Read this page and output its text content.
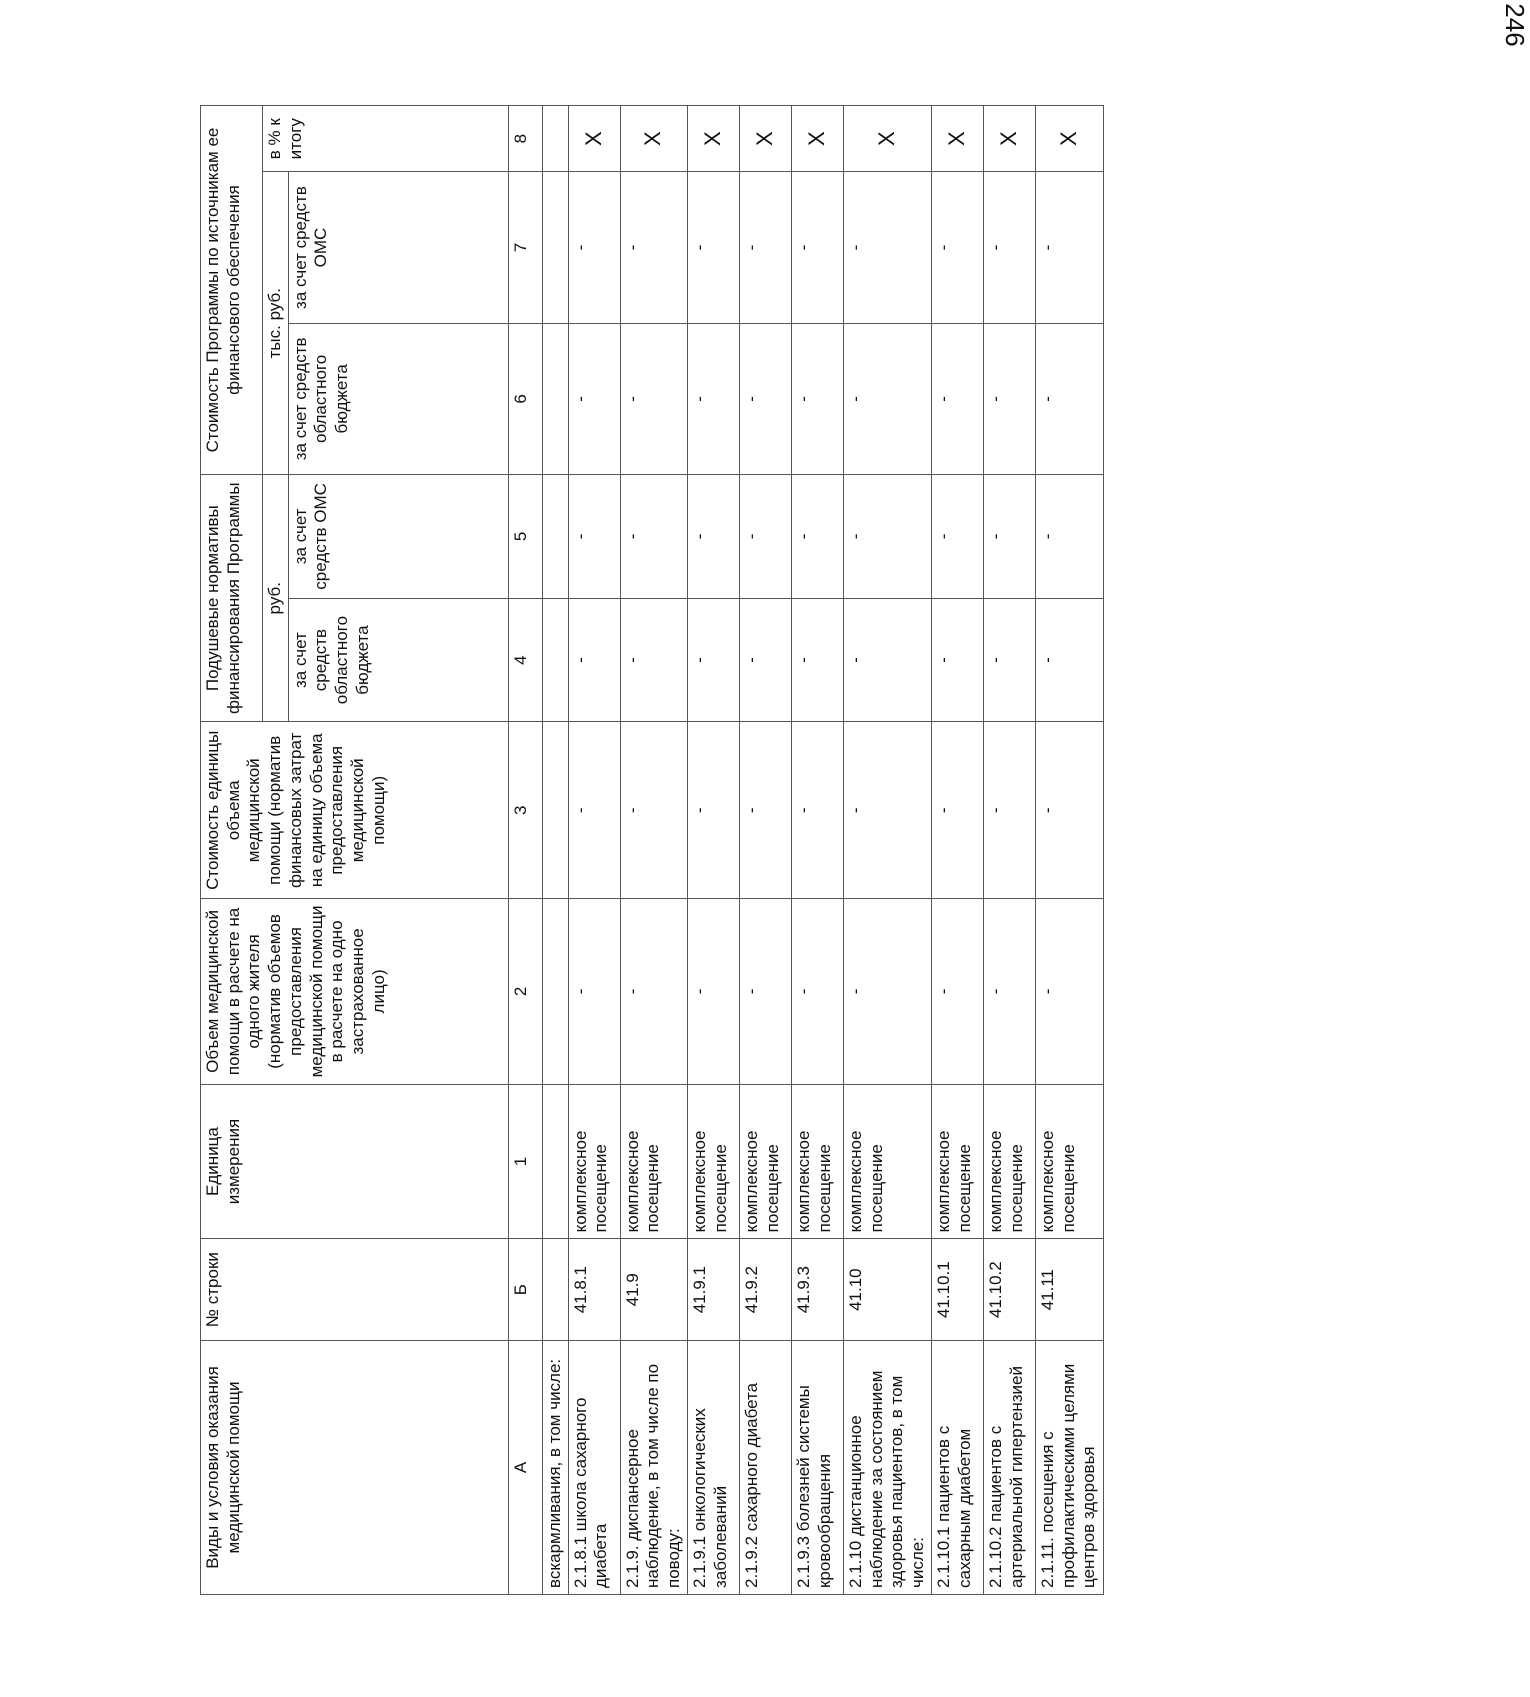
246
Виды и условия оказания медицинской помощи	№ строки	Единица измерения	Объем медицинской помощи в расчете на одного жителя (норматив объемов предоставления медицинской помощи в расчете на одно застрахованное лицо)	Стоимость единицы объема медицинской помощи (норматив финансовых затрат на единицу объема предоставления медицинской помощи)	Подушевые нормативы финансирования Программы		Стоимость Программы по источникам ее финансового обеспечения		
					руб.		тыс. руб.		в % к итогу
					за счет средств областного бюджета	за счет средств ОМС	за счет средств областного бюджета	за счет средств ОМС	
А	Б	1	2	3	4	5	6	7	8
вскармливания, в том числе:									
2.1.8.1 школа сахарного диабета	41.8.1	комплексное посещение	-	-	-	-	-	-	X
2.1.9. диспансерное наблюдение, в том числе по поводу:	41.9	комплексное посещение	-	-	-	-	-	-	X
2.1.9.1 онкологических заболеваний	41.9.1	комплексное посещение	-	-	-	-	-	-	X
2.1.9.2 сахарного диабета	41.9.2	комплексное посещение	-	-	-	-	-	-	X
2.1.9.3 болезней системы кровообращения	41.9.3	комплексное посещение	-	-	-	-	-	-	X
2.1.10 дистанционное наблюдение за состоянием здоровья пациентов, в том числе:	41.10	комплексное посещение	-	-	-	-	-	-	X
2.1.10.1 пациентов с сахарным диабетом	41.10.1	комплексное посещение	-	-	-	-	-	-	X
2.1.10.2 пациентов с артериальной гипертензией	41.10.2	комплексное посещение	-	-	-	-	-	-	X
2.1.11. посещения с профилактическими целями центров здоровья	41.11	комплексное посещение	-	-	-	-	-	-	X
